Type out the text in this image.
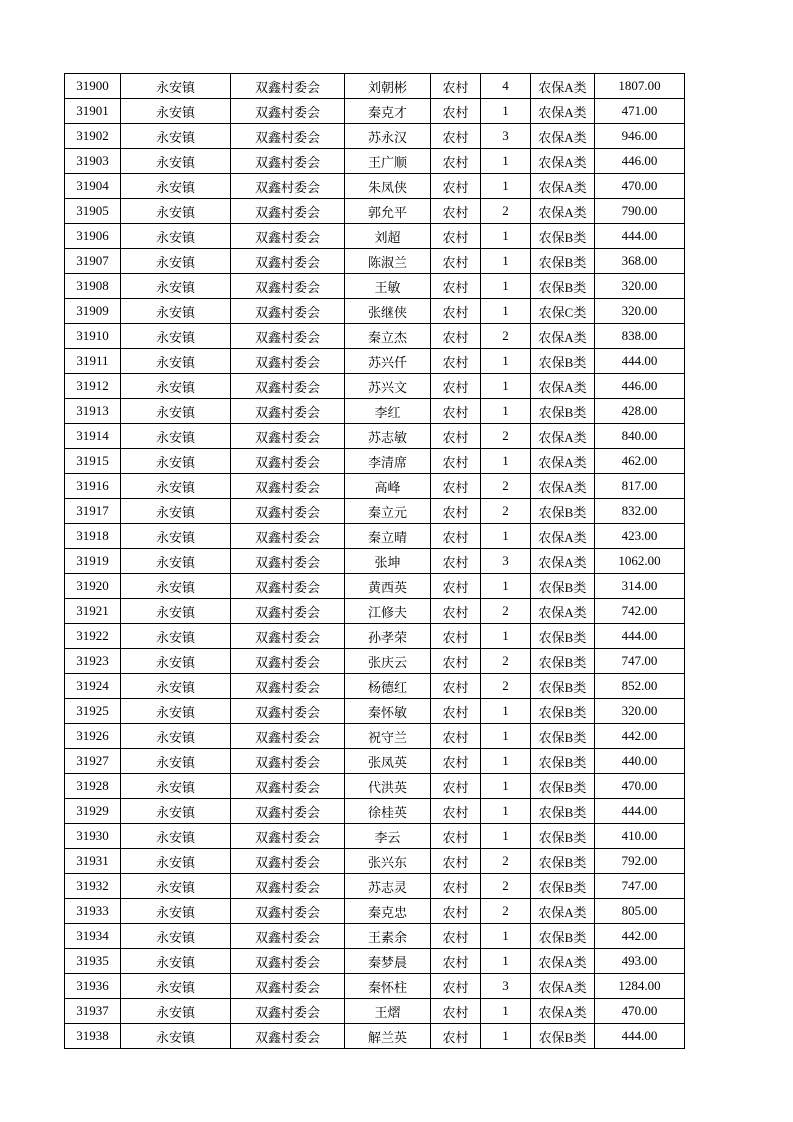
31900	永安镇	双鑫村委会	刘朝彬	农村	4	农保A类	1807.00
31901	永安镇	双鑫村委会	秦克才	农村	1	农保A类	471.00
31902	永安镇	双鑫村委会	苏永汉	农村	3	农保A类	946.00
31903	永安镇	双鑫村委会	王广顺	农村	1	农保A类	446.00
31904	永安镇	双鑫村委会	朱凤侠	农村	1	农保A类	470.00
31905	永安镇	双鑫村委会	郭允平	农村	2	农保A类	790.00
31906	永安镇	双鑫村委会	刘超	农村	1	农保B类	444.00
31907	永安镇	双鑫村委会	陈淑兰	农村	1	农保B类	368.00
31908	永安镇	双鑫村委会	王敏	农村	1	农保B类	320.00
31909	永安镇	双鑫村委会	张继侠	农村	1	农保C类	320.00
31910	永安镇	双鑫村委会	秦立杰	农村	2	农保A类	838.00
31911	永安镇	双鑫村委会	苏兴仟	农村	1	农保B类	444.00
31912	永安镇	双鑫村委会	苏兴文	农村	1	农保A类	446.00
31913	永安镇	双鑫村委会	李红	农村	1	农保B类	428.00
31914	永安镇	双鑫村委会	苏志敏	农村	2	农保A类	840.00
31915	永安镇	双鑫村委会	李清席	农村	1	农保A类	462.00
31916	永安镇	双鑫村委会	高峰	农村	2	农保A类	817.00
31917	永安镇	双鑫村委会	秦立元	农村	2	农保B类	832.00
31918	永安镇	双鑫村委会	秦立晴	农村	1	农保A类	423.00
31919	永安镇	双鑫村委会	张坤	农村	3	农保A类	1062.00
31920	永安镇	双鑫村委会	黄西英	农村	1	农保B类	314.00
31921	永安镇	双鑫村委会	江修夫	农村	2	农保A类	742.00
31922	永安镇	双鑫村委会	孙孝荣	农村	1	农保B类	444.00
31923	永安镇	双鑫村委会	张庆云	农村	2	农保B类	747.00
31924	永安镇	双鑫村委会	杨德红	农村	2	农保B类	852.00
31925	永安镇	双鑫村委会	秦怀敏	农村	1	农保B类	320.00
31926	永安镇	双鑫村委会	祝守兰	农村	1	农保B类	442.00
31927	永安镇	双鑫村委会	张凤英	农村	1	农保B类	440.00
31928	永安镇	双鑫村委会	代洪英	农村	1	农保B类	470.00
31929	永安镇	双鑫村委会	徐桂英	农村	1	农保B类	444.00
31930	永安镇	双鑫村委会	李云	农村	1	农保B类	410.00
31931	永安镇	双鑫村委会	张兴东	农村	2	农保B类	792.00
31932	永安镇	双鑫村委会	苏志灵	农村	2	农保B类	747.00
31933	永安镇	双鑫村委会	秦克忠	农村	2	农保A类	805.00
31934	永安镇	双鑫村委会	王素余	农村	1	农保B类	442.00
31935	永安镇	双鑫村委会	秦梦晨	农村	1	农保A类	493.00
31936	永安镇	双鑫村委会	秦怀柱	农村	3	农保A类	1284.00
31937	永安镇	双鑫村委会	王熠	农村	1	农保A类	470.00
31938	永安镇	双鑫村委会	解兰英	农村	1	农保B类	444.00
